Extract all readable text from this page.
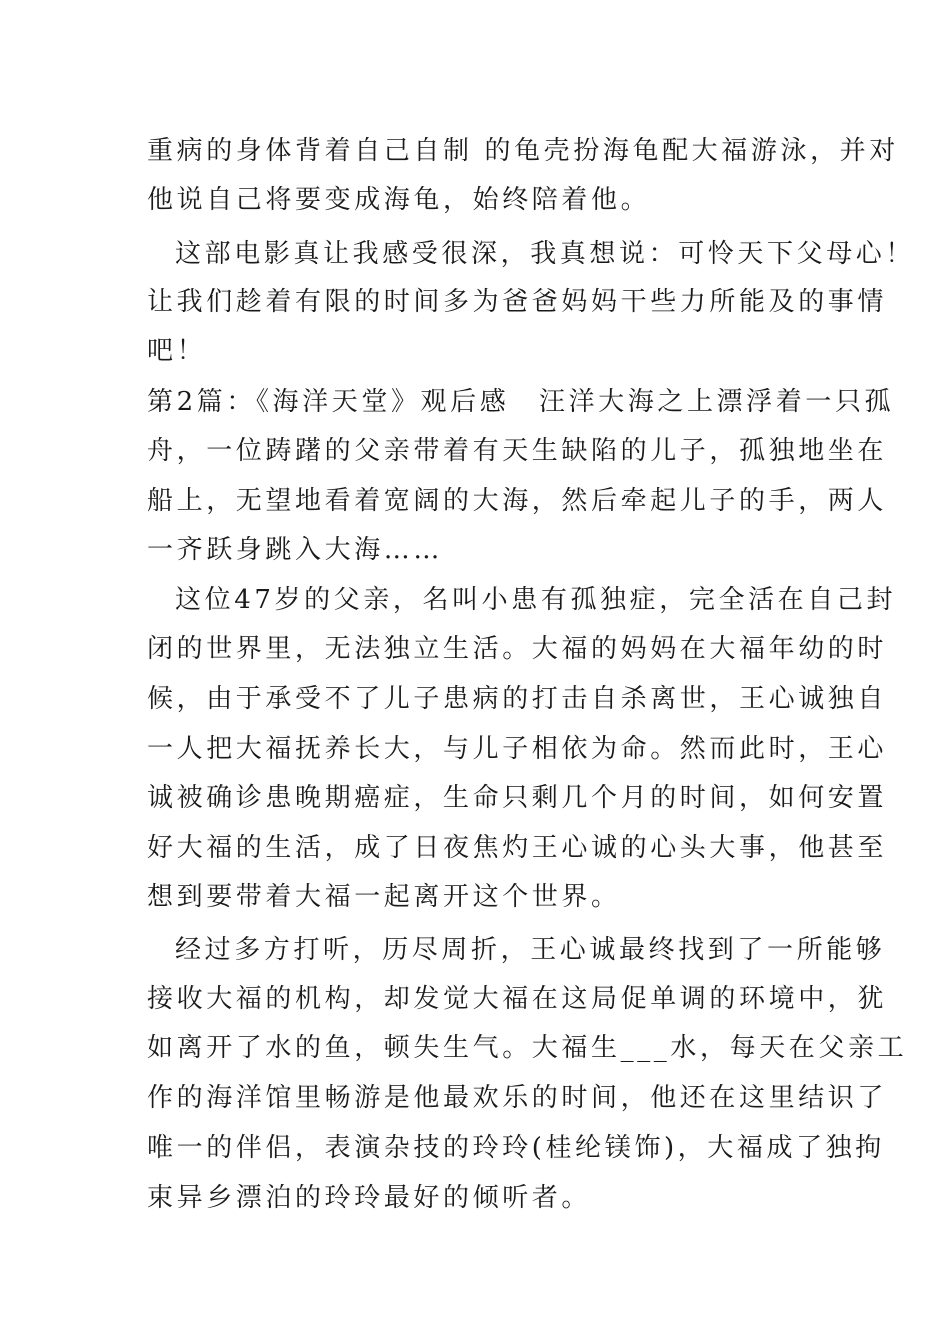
重病的身体背着自己自制 的龟壳扮海龟配大福游泳，并对
他说自己将要变成海龟，始终陪着他。
这部电影真让我感受很深，我真想说：可怜天下父母心！
让我们趁着有限的时间多为爸爸妈妈干些力所能及的事情
吧！
第2篇：《海洋天堂》观后感　汪洋大海之上漂浮着一只孤
舟，一位踌躇的父亲带着有天生缺陷的儿子，孤独地坐在
船上，无望地看着宽阔的大海，然后牵起儿子的手，两人
一齐跃身跳入大海……
这位47岁的父亲，名叫小患有孤独症，完全活在自己封
闭的世界里，无法独立生活。大福的妈妈在大福年幼的时
候，由于承受不了儿子患病的打击自杀离世，王心诚独自
一人把大福抚养长大，与儿子相依为命。然而此时，王心
诚被确诊患晚期癌症，生命只剩几个月的时间，如何安置
好大福的生活，成了日夜焦灼王心诚的心头大事，他甚至
想到要带着大福一起离开这个世界。
经过多方打听，历尽周折，王心诚最终找到了一所能够
接收大福的机构，却发觉大福在这局促单调的环境中，犹
如离开了水的鱼，顿失生气。大福生___水，每天在父亲工
作的海洋馆里畅游是他最欢乐的时间，他还在这里结识了
唯一的伴侣，表演杂技的玲玲(桂纶镁饰)，大福成了独拘
束异乡漂泊的玲玲最好的倾听者。
